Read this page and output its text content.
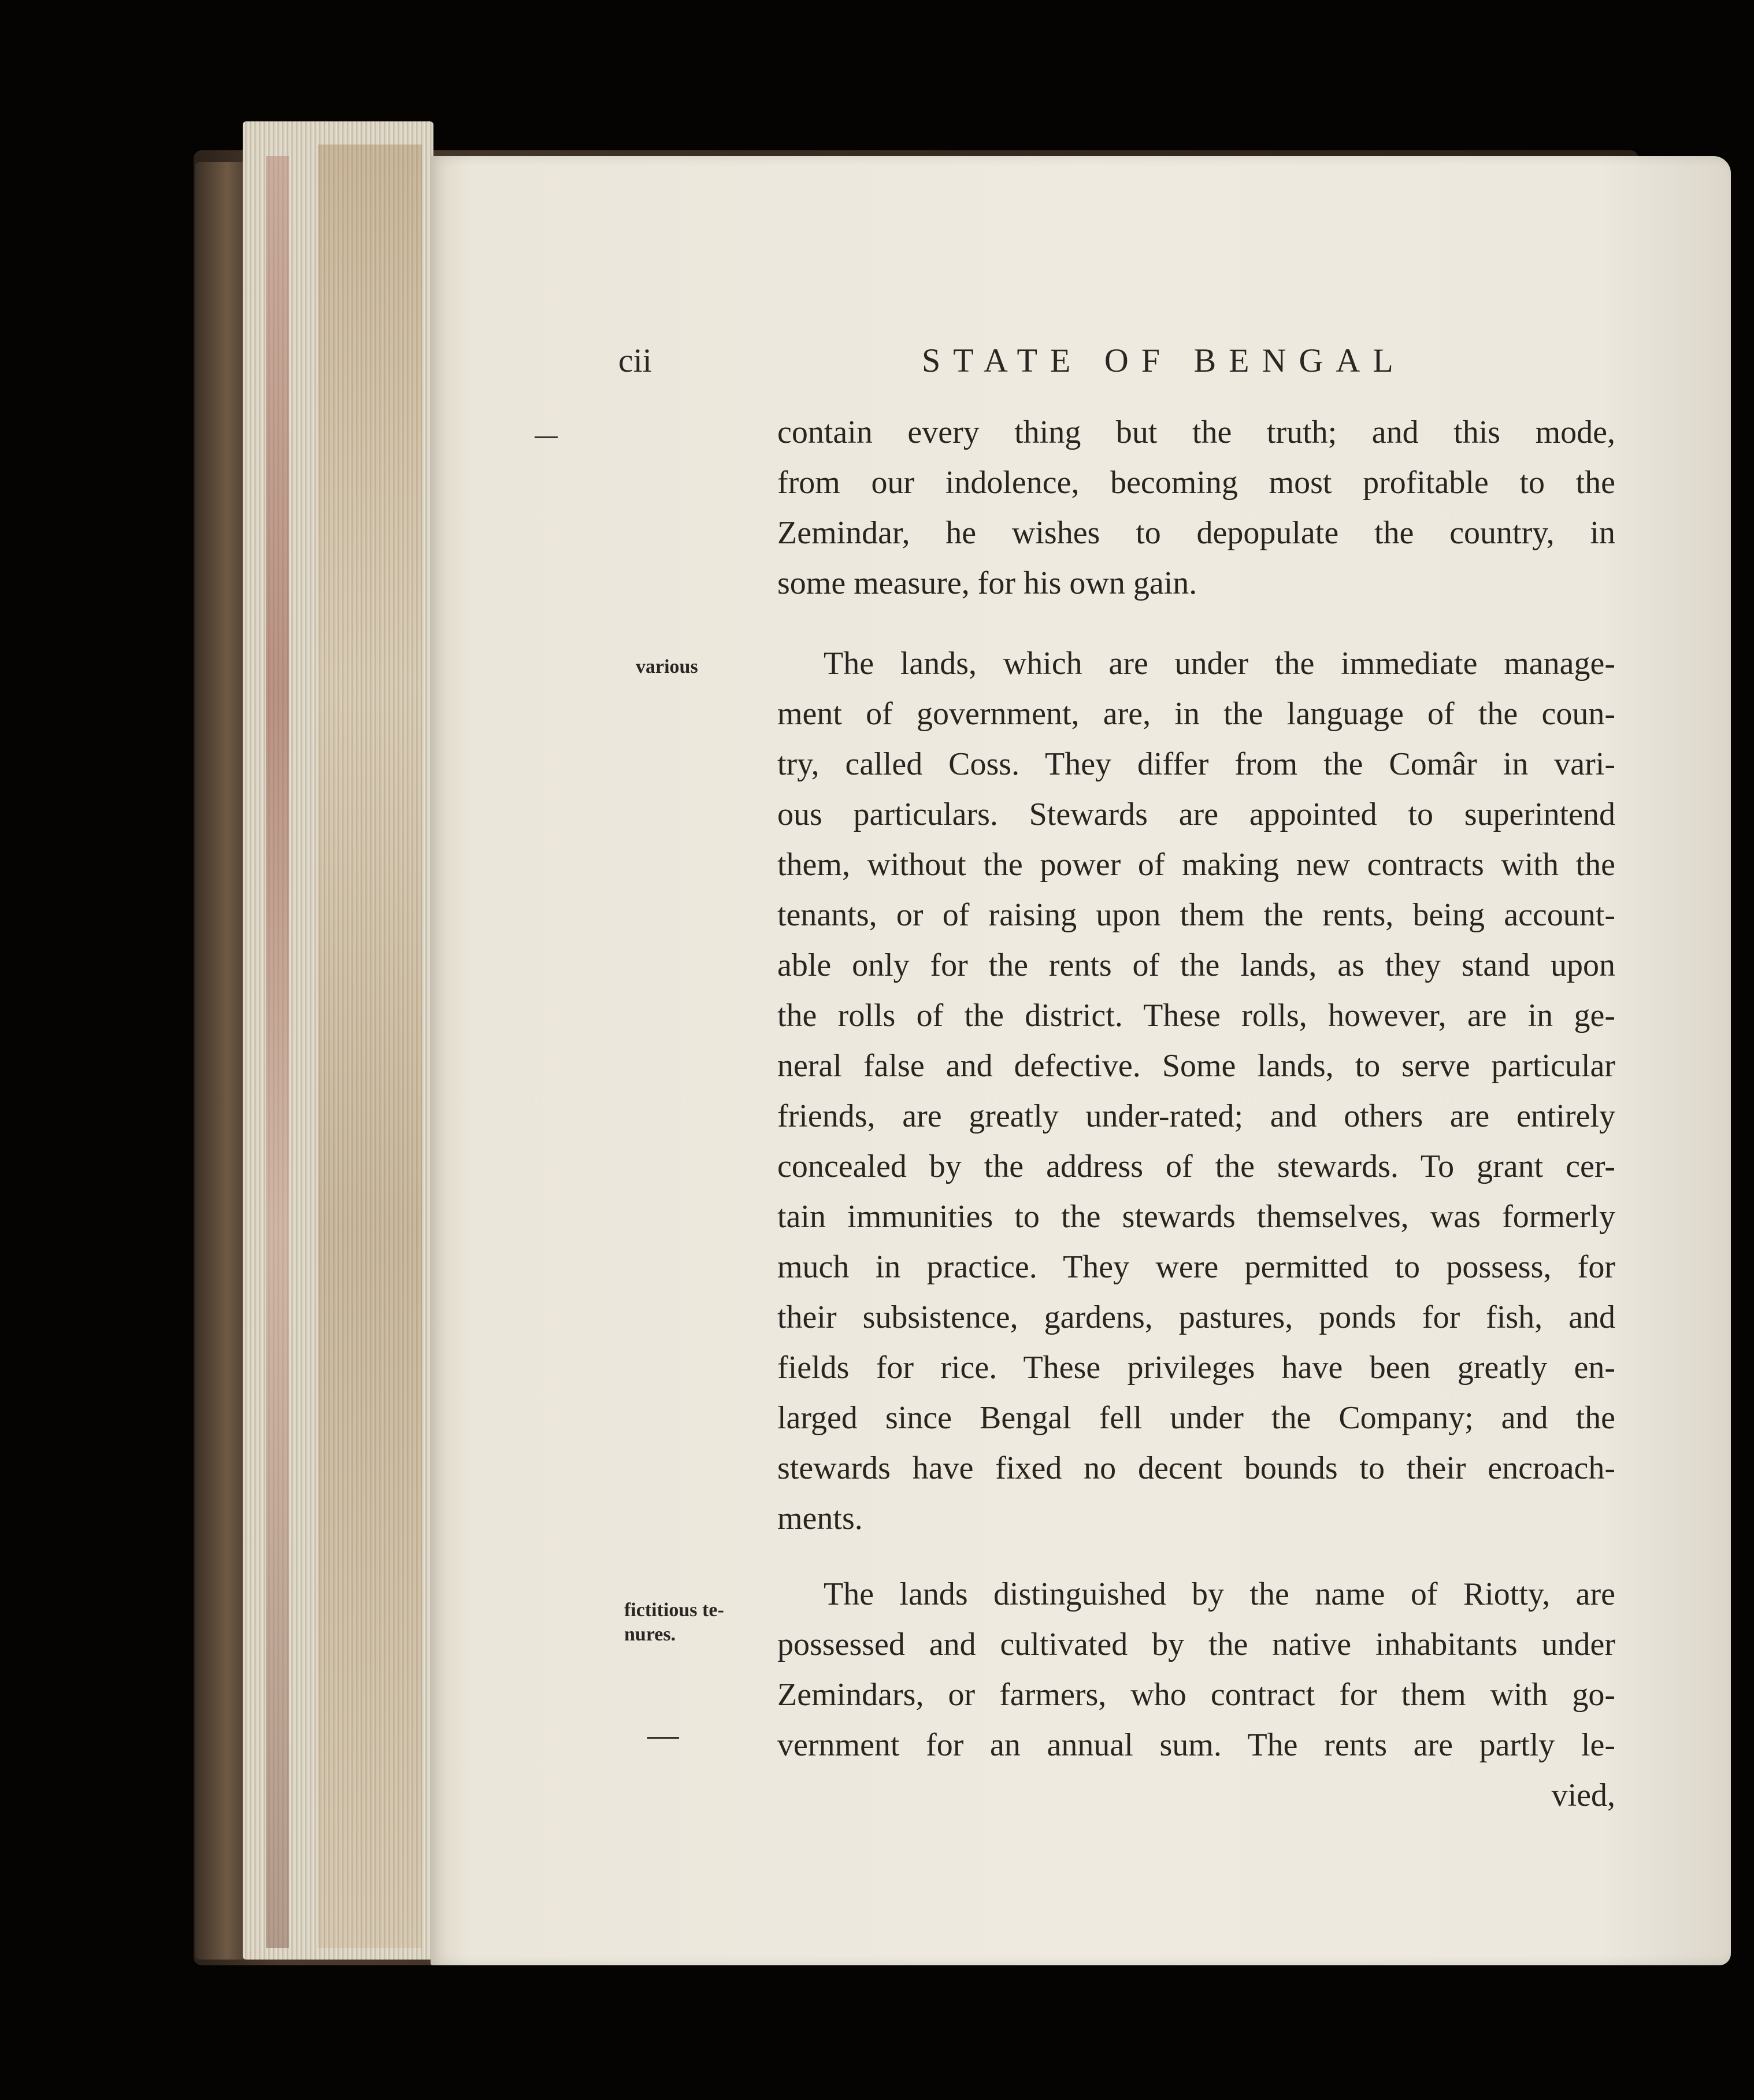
cii	STATE OF BENGAL
various
fictitious te-
nures.
contain every thing but the truth; and this mode,
from our indolence, becoming most profitable to the
Zemindar, he wishes to depopulate the country, in
some measure, for his own gain.
The lands, which are under the immediate manage-
ment of government, are, in the language of the coun-
try, called Coss. They differ from the Comâr in vari-
ous particulars. Stewards are appointed to superintend
them, without the power of making new contracts with the
tenants, or of raising upon them the rents, being account-
able only for the rents of the lands, as they stand upon
the rolls of the district. These rolls, however, are in ge-
neral false and defective. Some lands, to serve particular
friends, are greatly under-rated; and others are entirely
concealed by the address of the stewards. To grant cer-
tain immunities to the stewards themselves, was formerly
much in practice. They were permitted to possess, for
their subsistence, gardens, pastures, ponds for fish, and
fields for rice. These privileges have been greatly en-
larged since Bengal fell under the Company; and the
stewards have fixed no decent bounds to their encroach-
ments.
The lands distinguished by the name of Riotty, are
possessed and cultivated by the native inhabitants under
Zemindars, or farmers, who contract for them with go-
vernment for an annual sum. The rents are partly le-
vied,
